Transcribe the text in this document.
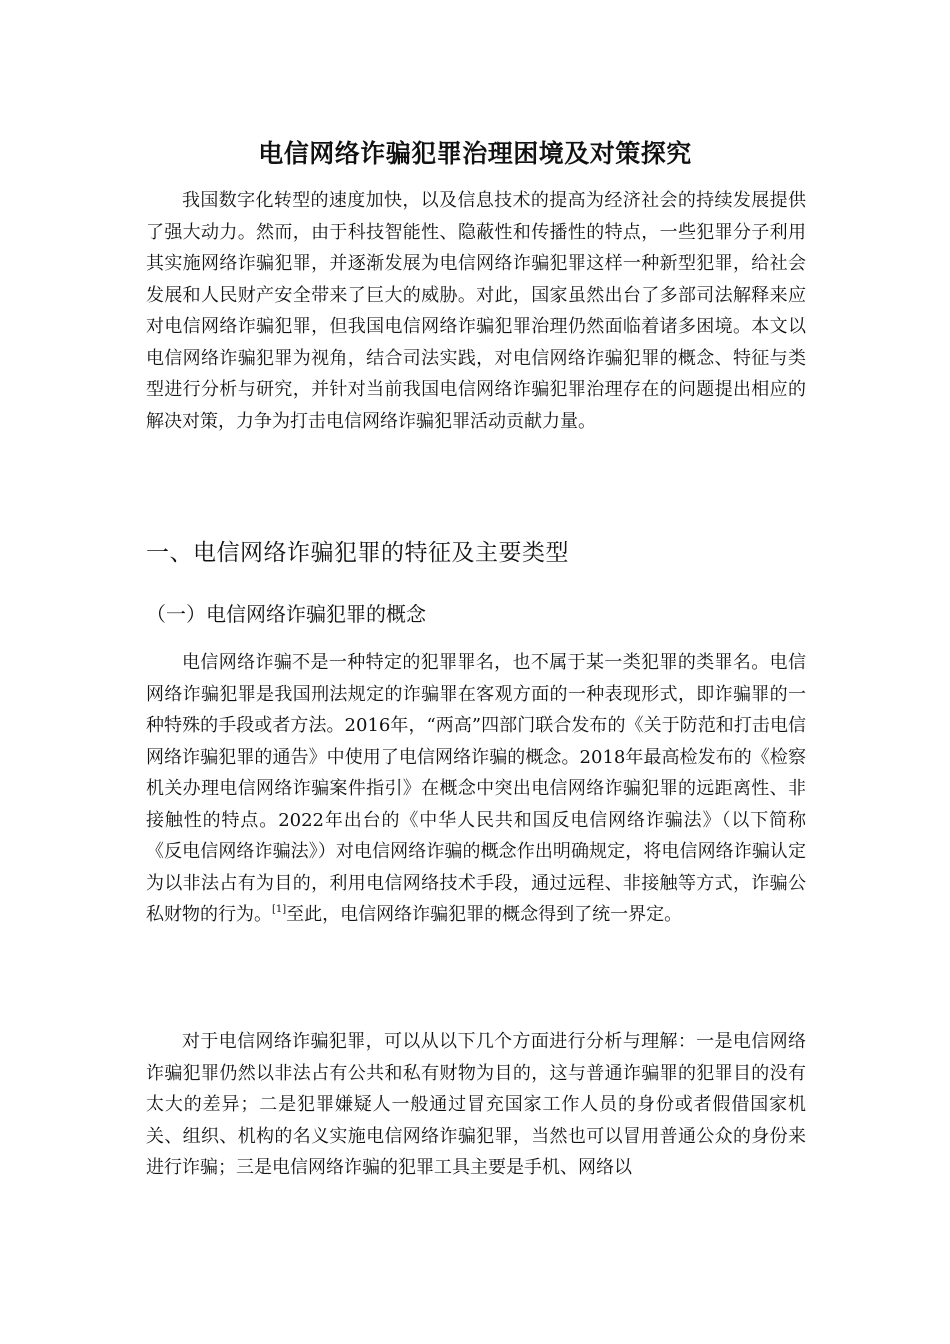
电信网络诈骗犯罪治理困境及对策探究

我国数字化转型的速度加快，以及信息技术的提高为经济社会的持续发展提供了强大动力。然而，由于科技智能性、隐蔽性和传播性的特点，一些犯罪分子利用其实施网络诈骗犯罪，并逐渐发展为电信网络诈骗犯罪这样一种新型犯罪，给社会发展和人民财产安全带来了巨大的威胁。对此，国家虽然出台了多部司法解释来应对电信网络诈骗犯罪，但我国电信网络诈骗犯罪治理仍然面临着诸多困境。本文以电信网络诈骗犯罪为视角，结合司法实践，对电信网络诈骗犯罪的概念、特征与类型进行分析与研究，并针对当前我国电信网络诈骗犯罪治理存在的问题提出相应的解决对策，力争为打击电信网络诈骗犯罪活动贡献力量。

一、电信网络诈骗犯罪的特征及主要类型
（一）电信网络诈骗犯罪的概念

电信网络诈骗不是一种特定的犯罪罪名，也不属于某一类犯罪的类罪名。电信网络诈骗犯罪是我国刑法规定的诈骗罪在客观方面的一种表现形式，即诈骗罪的一种特殊的手段或者方法。2016年，“两高”四部门联合发布的《关于防范和打击电信网络诈骗犯罪的通告》中使用了电信网络诈骗的概念。2018年最高检发布的《检察机关办理电信网络诈骗案件指引》在概念中突出电信网络诈骗犯罪的远距离性、非接触性的特点。2022年出台的《中华人民共和国反电信网络诈骗法》（以下简称《反电信网络诈骗法》）对电信网络诈骗的概念作出明确规定，将电信网络诈骗认定为以非法占有为目的，利用电信网络技术手段，通过远程、非接触等方式，诈骗公私财物的行为。[1]至此，电信网络诈骗犯罪的概念得到了统一界定。

对于电信网络诈骗犯罪，可以从以下几个方面进行分析与理解：一是电信网络诈骗犯罪仍然以非法占有公共和私有财物为目的，这与普通诈骗罪的犯罪目的没有太大的差异；二是犯罪嫌疑人一般通过冒充国家工作人员的身份或者假借国家机关、组织、机构的名义实施电信网络诈骗犯罪，当然也可以冒用普通公众的身份来进行诈骗；三是电信网络诈骗的犯罪工具主要是手机、网络以
